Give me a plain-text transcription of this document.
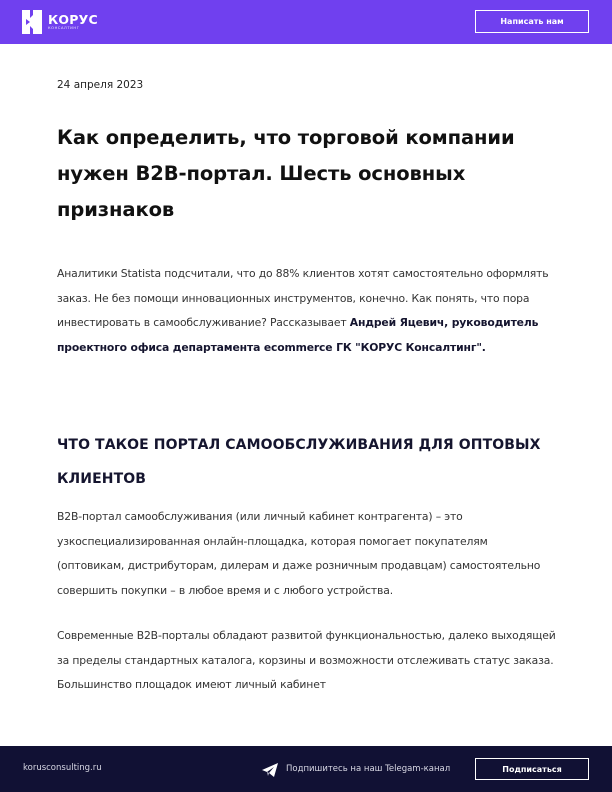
КОРУС
КОНСАЛТИНГ
Написать нам
24 апреля 2023
Как определить, что торговой компании нужен B2B-портал. Шесть основных признаков

Аналитики Statista подсчитали, что до 88% клиентов хотят самостоятельно оформлять заказ. Не без помощи инновационных инструментов, конечно. Как понять, что пора инвестировать в самообслуживание? Рассказывает Андрей Яцевич, руководитель проектного офиса департамента ecommerce ГК "КОРУС Консалтинг".

ЧТО ТАКОЕ ПОРТАЛ САМООБСЛУЖИВАНИЯ ДЛЯ ОПТОВЫХ КЛИЕНТОВ

B2B-портал самообслуживания (или личный кабинет контрагента) – это узкоспециализированная онлайн-площадка, которая помогает покупателям (оптовикам, дистрибуторам, дилерам и даже розничным продавцам) самостоятельно совершить покупки – в любое время и с любого устройства.

Современные B2B-порталы обладают развитой функциональностью, далеко выходящей за пределы стандартных каталога, корзины и возможности отслеживать статус заказа. Большинство площадок имеют личный кабинет

korusconsulting.ru	Подпишитесь на наш Telegam-канал	Подписаться
